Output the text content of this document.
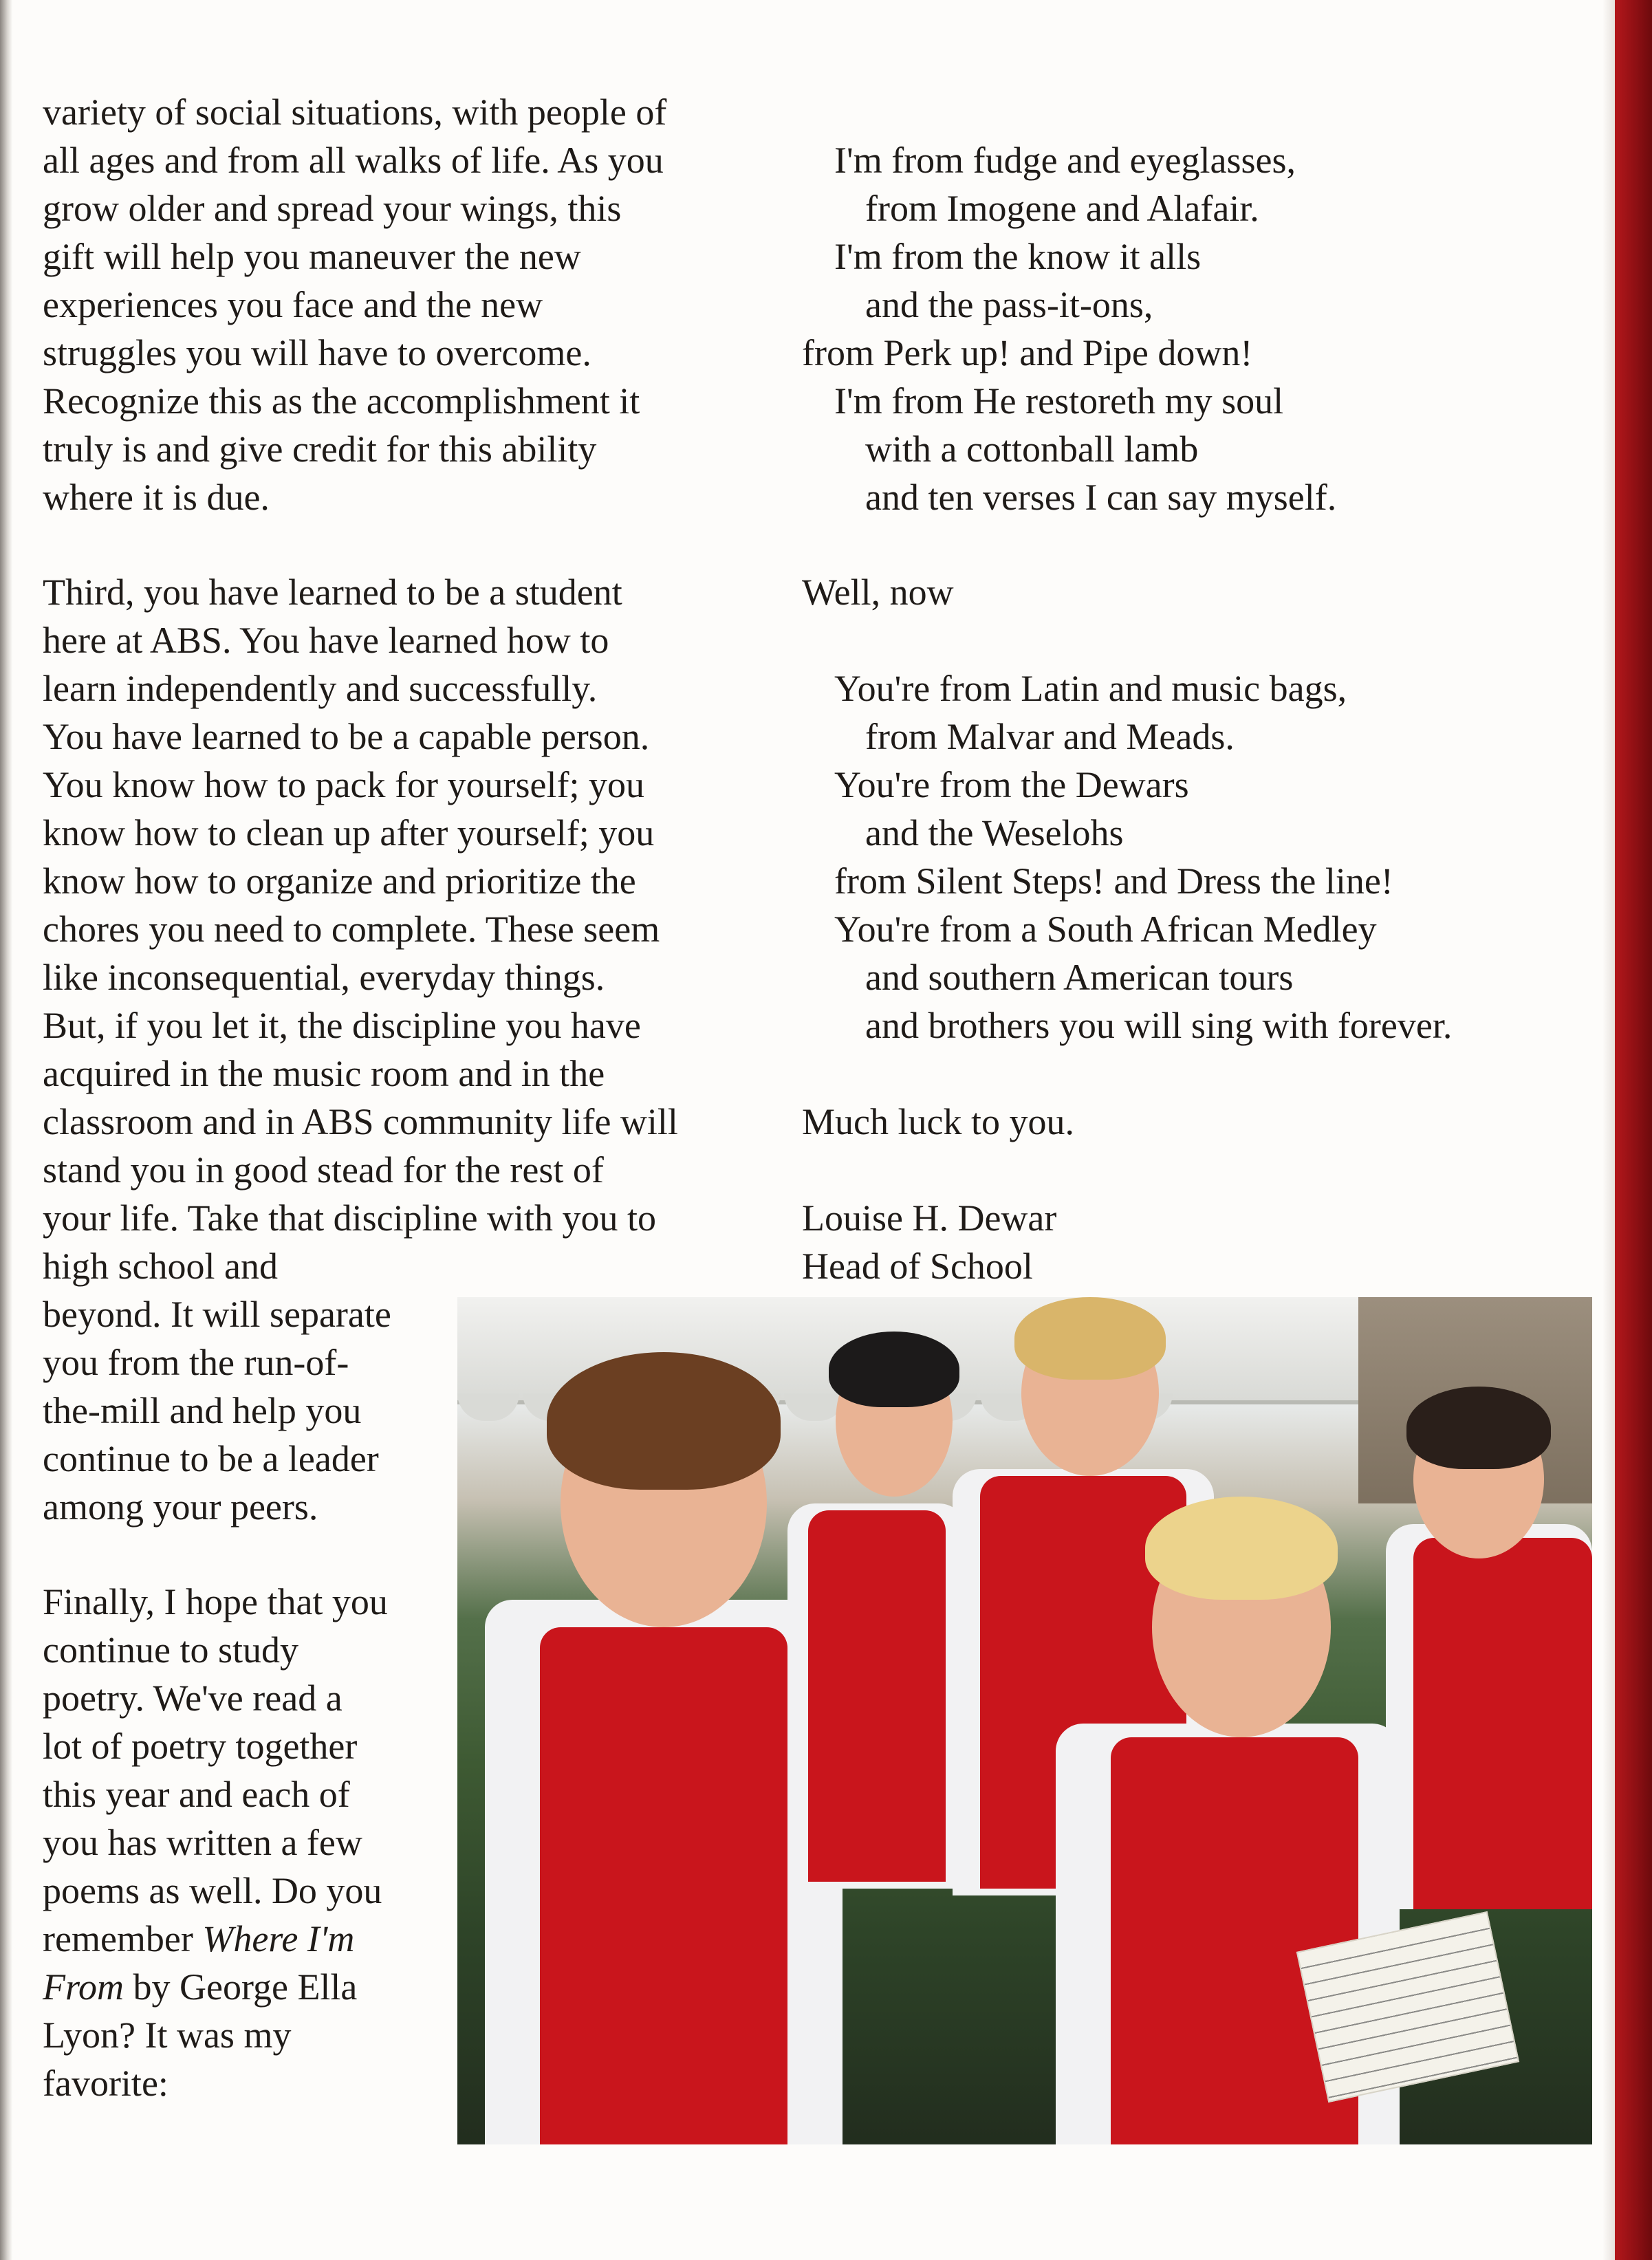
variety of social situations, with people of

all ages and from all walks of life. As you

grow older and spread your wings, this

gift will help you maneuver the new

experiences you face and the new

struggles you will have to overcome.

Recognize this as the accomplishment it

truly is and give credit for this ability

where it is due.

Third, you have learned to be a student

here at ABS. You have learned how to

learn independently and successfully.

You have learned to be a capable person.

You know how to pack for yourself; you

know how to clean up after yourself; you

know how to organize and prioritize the

chores you need to complete. These seem

like inconsequential, everyday things.

But, if you let it, the discipline you have

acquired in the music room and in the

classroom and in ABS community life will

stand you in good stead for the rest of

your life. Take that discipline with you to

high school and

beyond. It will separate

you from the run-of-

the-mill and help you

continue to be a leader

among your peers.

Finally, I hope that you

continue to study

poetry. We've read a

lot of poetry together

this year and each of

you has written a few

poems as well. Do you

remember Where I'm

From by George Ella

Lyon? It was my

favorite:

I'm from fudge and eyeglasses,

from Imogene and Alafair.

I'm from the know it alls

and the pass-it-ons,

from Perk up! and Pipe down!

I'm from He restoreth my soul

with a cottonball lamb

and ten verses I can say myself.

Well, now

You're from Latin and music bags,

from Malvar and Meads.

You're from the Dewars

and the Weselohs

from Silent Steps! and Dress the line!

You're from a South African Medley

and southern American tours

and brothers you will sing with forever.

Much luck to you.

Louise H. Dewar

Head of School
